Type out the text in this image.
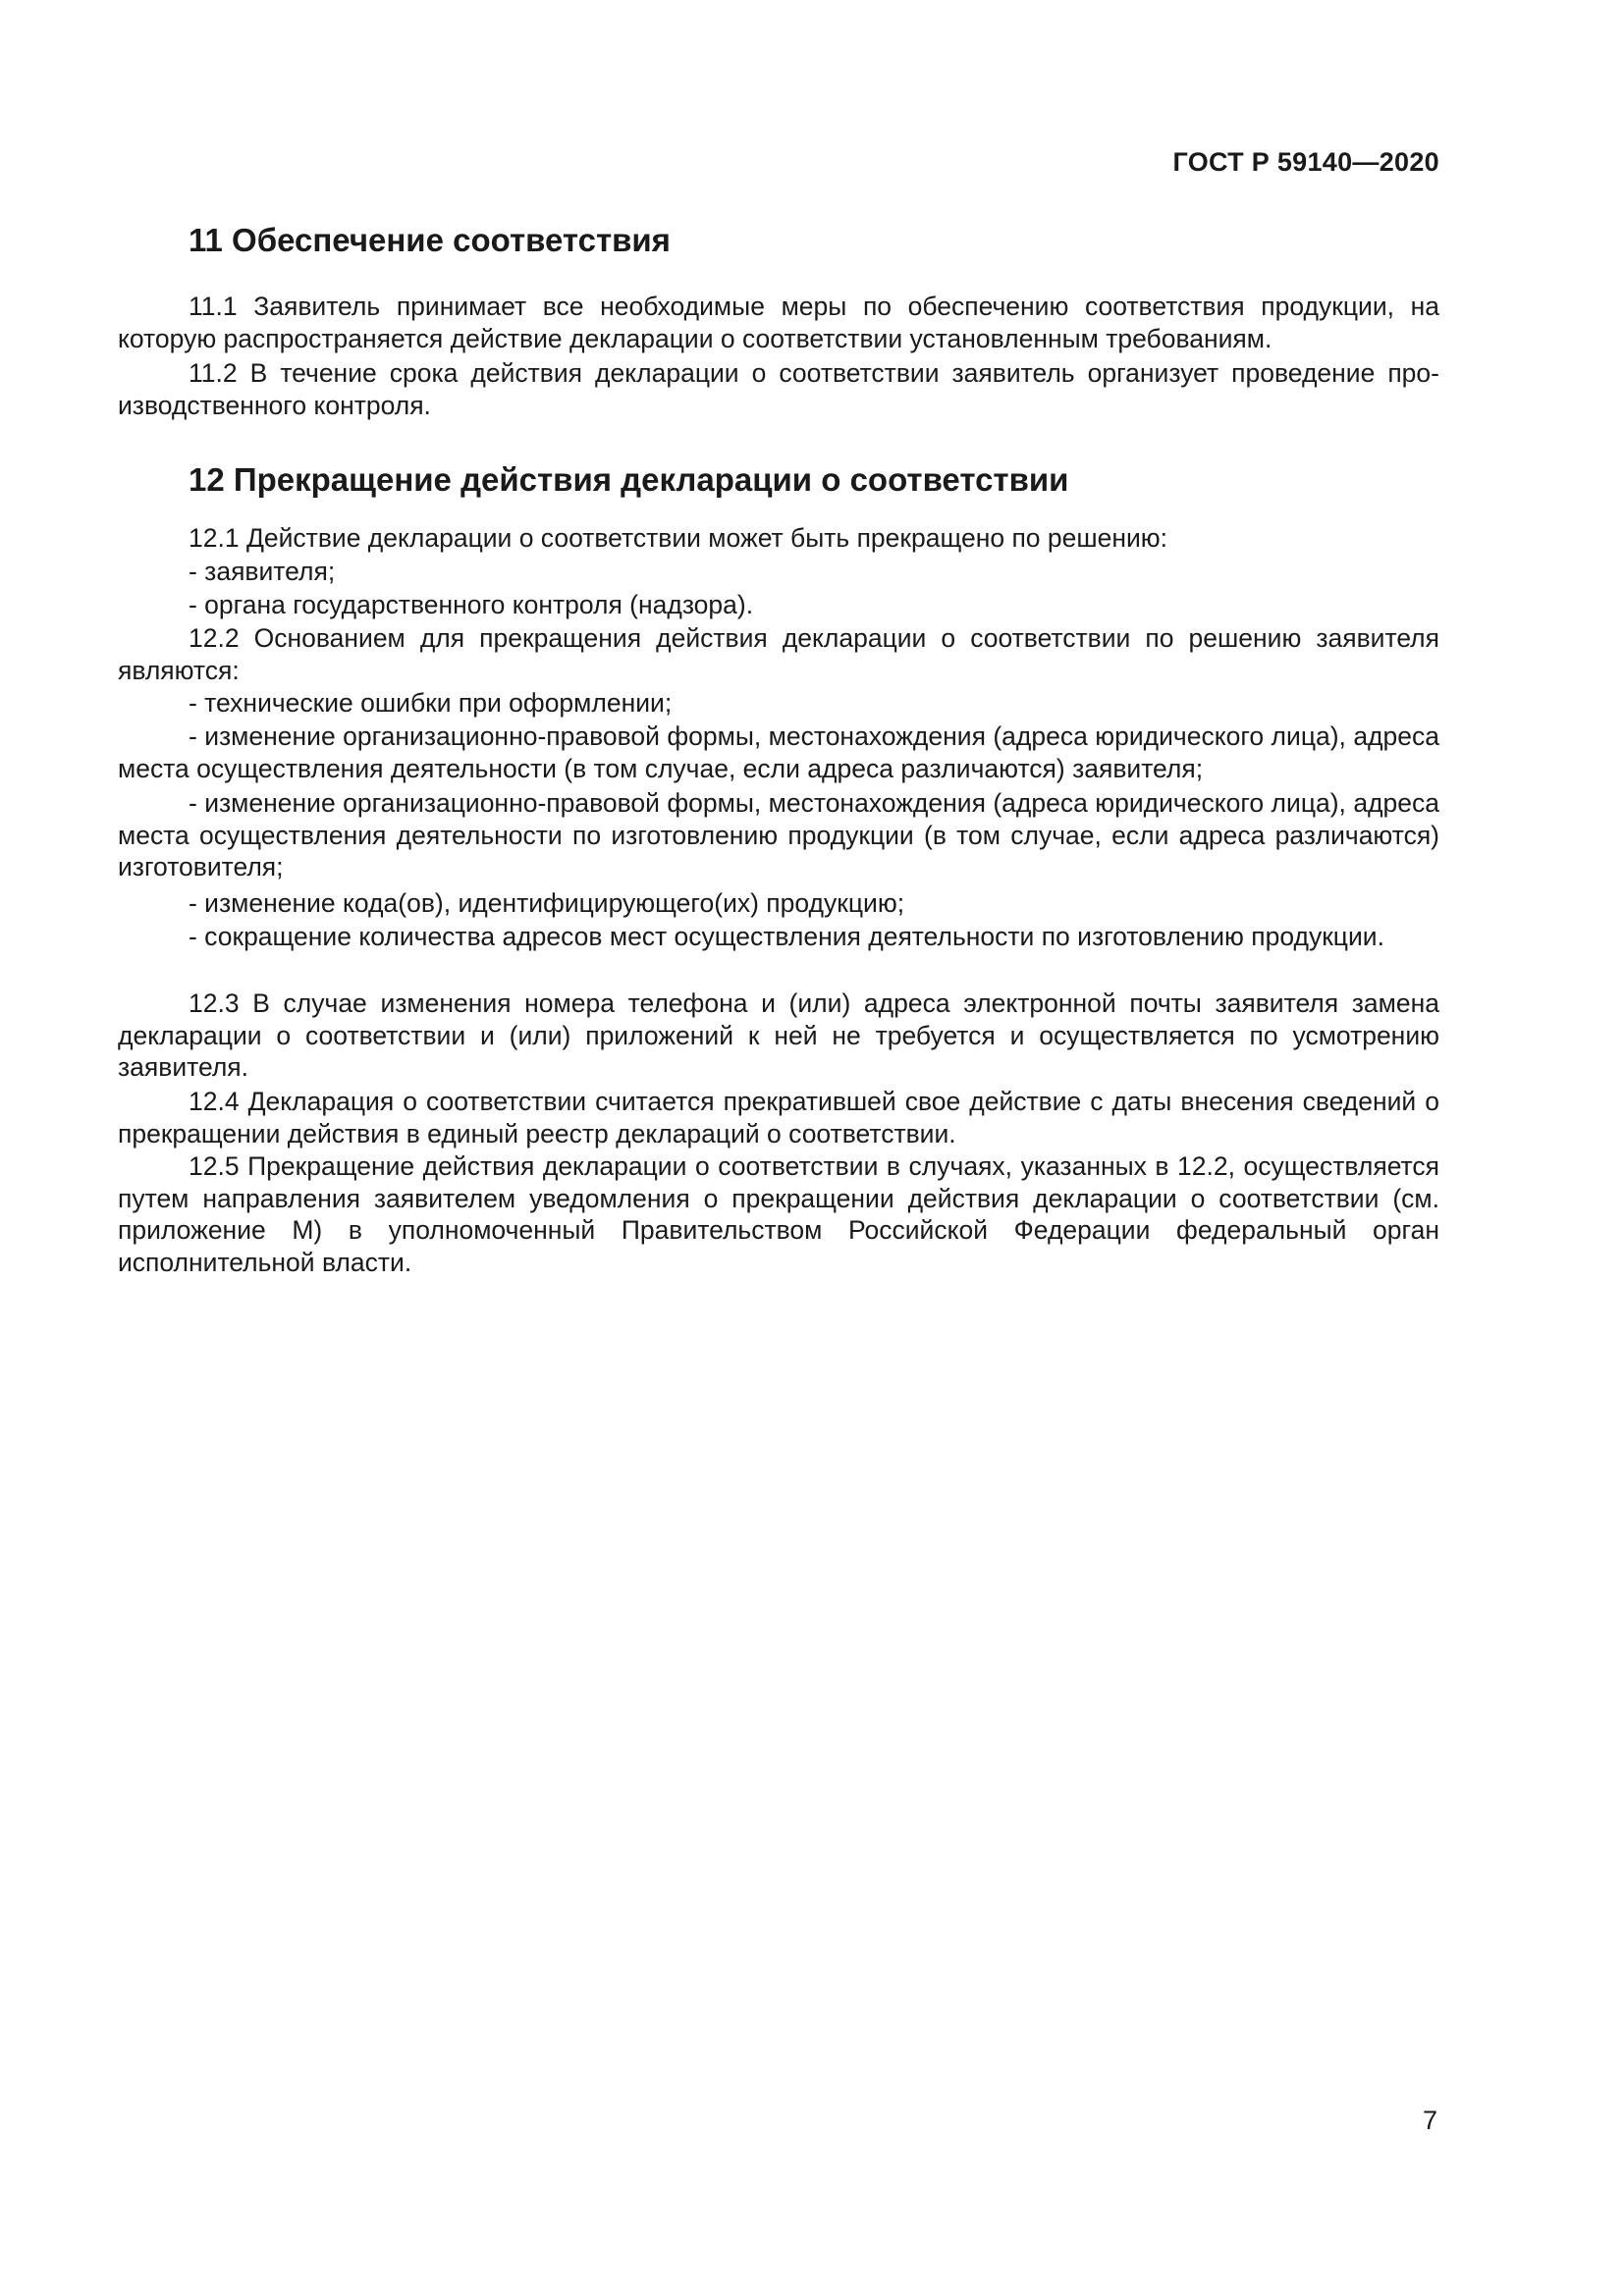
ГОСТ Р 59140—2020
11 Обеспечение соответствия

11.1 Заявитель принимает все необходимые меры по обеспечению соответствия продукции, на которую распространяется действие декларации о соответствии установленным требованиям.

11.2 В течение срока действия декларации о соответствии заявитель организует проведение производственного контроля.

12 Прекращение действия декларации о соответствии

12.1 Действие декларации о соответствии может быть прекращено по решению:

- заявителя;

- органа государственного контроля (надзора).

12.2 Основанием для прекращения действия декларации о соответствии по решению заявителя являются:

- технические ошибки при оформлении;

- изменение организационно-правовой формы, местонахождения (адреса юридического лица), адреса места осуществления деятельности (в том случае, если адреса различаются) заявителя;

- изменение организационно-правовой формы, местонахождения (адреса юридического лица), адреса места осуществления деятельности по изготовлению продукции (в том случае, если адреса различаются) изготовителя;

- изменение кода(ов), идентифицирующего(их) продукцию;

- сокращение количества адресов мест осуществления деятельности по изготовлению продукции.

12.3 В случае изменения номера телефона и (или) адреса электронной почты заявителя замена декларации о соответствии и (или) приложений к ней не требуется и осуществляется по усмотрению заявителя.

12.4 Декларация о соответствии считается прекратившей свое действие с даты внесения сведений о прекращении действия в единый реестр деклараций о соответствии.

12.5 Прекращение действия декларации о соответствии в случаях, указанных в 12.2, осуществляется путем направления заявителем уведомления о прекращении действия декларации о соответствии (см. приложение М) в уполномоченный Правительством Российской Федерации федеральный орган исполнительной власти.

7
